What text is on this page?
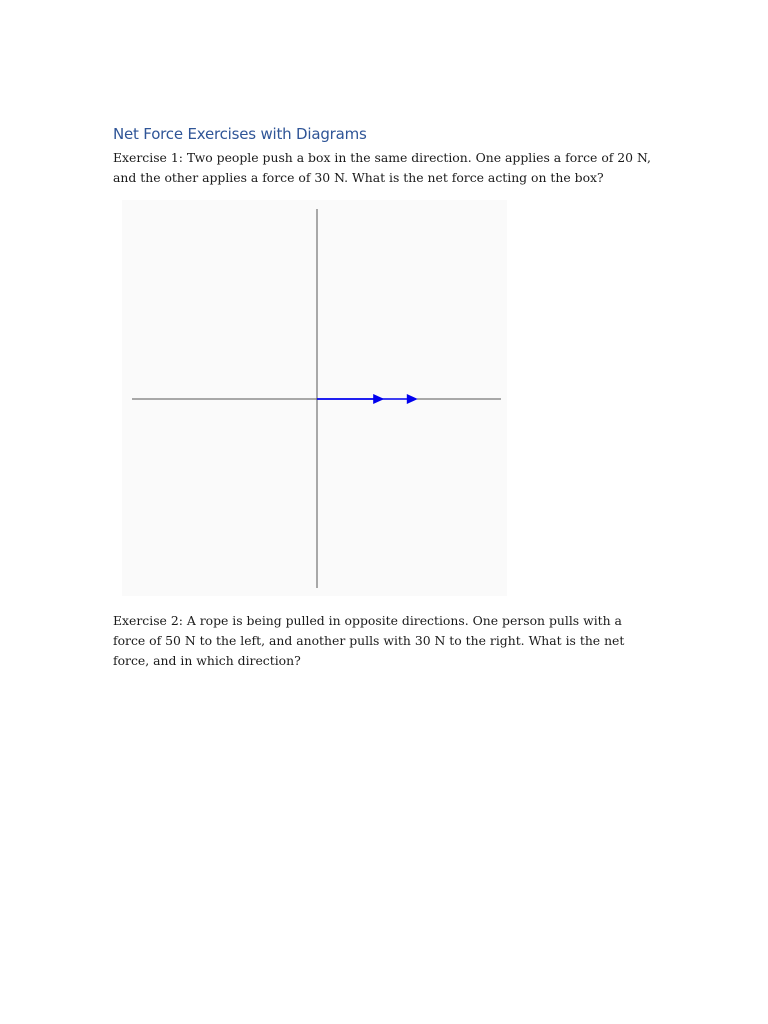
Net Force Exercises with Diagrams

Exercise 1: Two people push a box in the same direction. One applies a force of 20 N, and the other applies a force of 30 N. What is the net force acting on the box?

Exercise 2: A rope is being pulled in opposite directions. One person pulls with a force of 50 N to the left, and another pulls with 30 N to the right. What is the net force, and in which direction?
